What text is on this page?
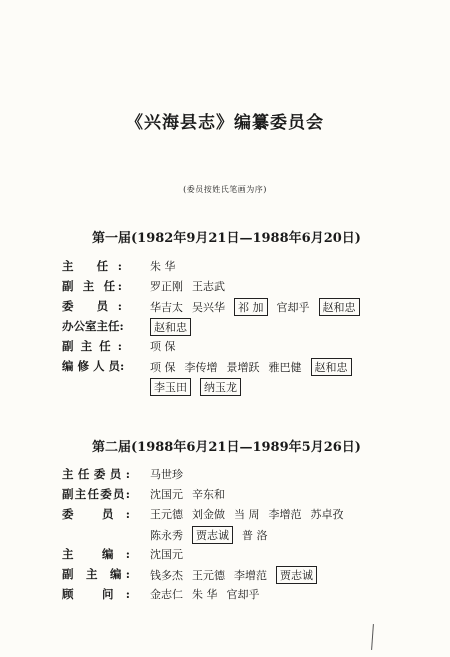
《兴海县志》编纂委员会
(委员按姓氏笔画为序)
第一届(1982年9月21日—1988年6月20日)
主 任:	朱 华
副 主 任:	罗正刚 王志武
委 员:	华吉太 吴兴华 祁 加 官却乎 赵和忠
办公室主任:	赵和忠
副主任:	项 保
编 修 人 员: 项 保 李传增 景增跃 雅巴健 赵和忠
李玉田 纳玉龙
第二届(1988年6月21日—1989年5月26日)
主任委员: 马世珍
副主任委员: 沈国元 辛东和
委 员: 王元德 刘金做 当 周 李增范 苏卓孜
陈永秀 贾志诚 普 洛
主 编: 沈国元
副 主 编: 钱多杰 王元德 李增范 贾志诚
顾 问: 金志仁 朱 华 官却乎
